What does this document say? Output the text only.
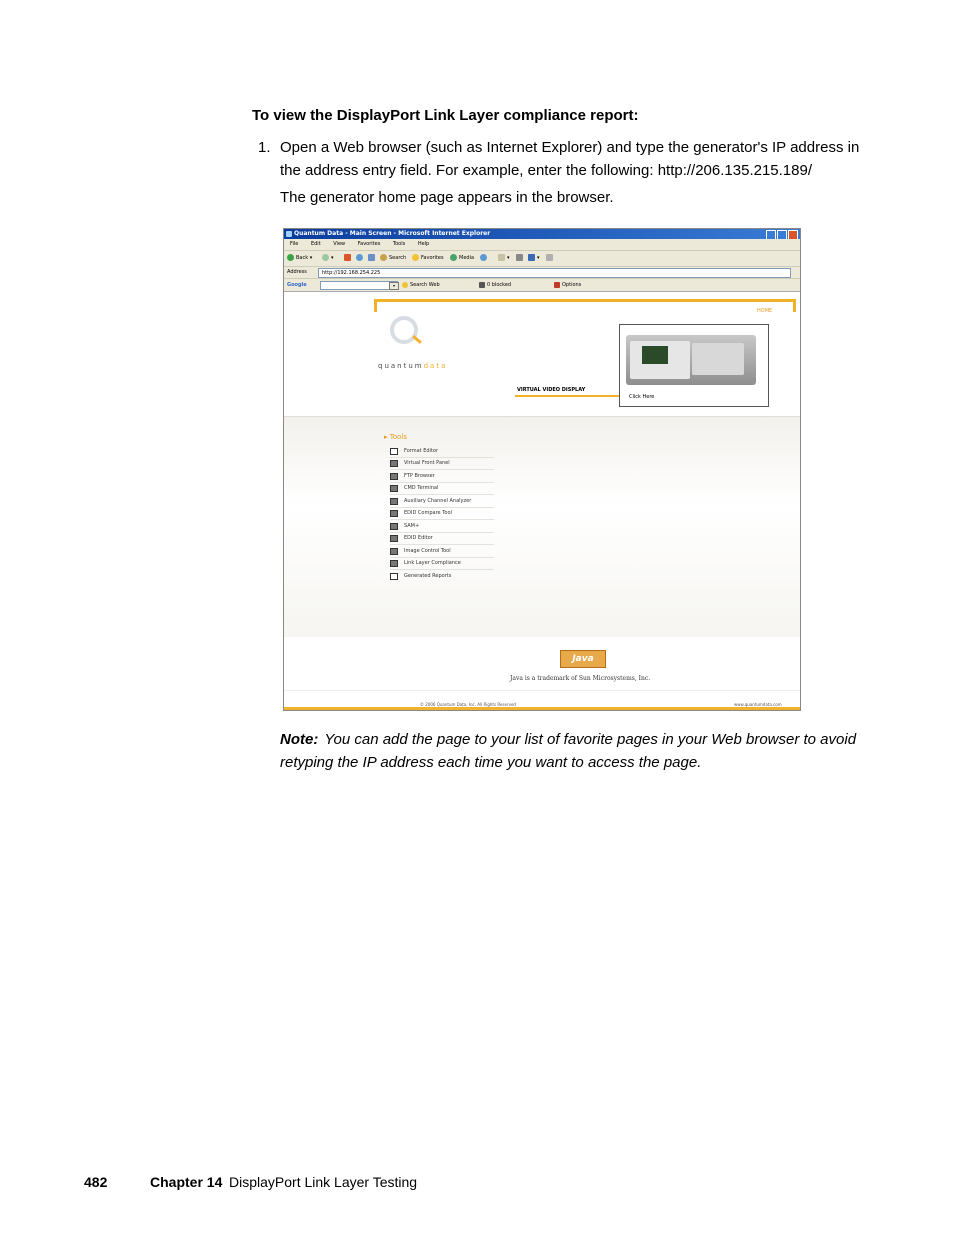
To view the DisplayPort Link Layer compliance report:
1. Open a Web browser (such as Internet Explorer) and type the generator's IP address in the address entry field. For example, enter the following: http://206.135.215.189/
The generator home page appears in the browser.
Quantum Data - Main Screen - Microsoft Internet Explorer
File	Edit	View	Favorites	Tools	Help
Back ▾	▾	Search	Favorites	Media	▾	▾
Address	http://192.168.254.225
Google	▾	Search Web	0 blocked	Options
HOME
quantumdata
VIRTUAL VIDEO DISPLAY
Click Here
▸ Tools
Format Editor
Virtual Front Panel
FTP Browser
CMD Terminal
Auxiliary Channel Analyzer
EDID Compare Tool
SAM+
EDID Editor
Image Control Tool
Link Layer Compliance
Generated Reports
Java
Java is a trademark of Sun Microsystems, Inc.
© 2006 Quantum Data, Inc. All Rights Reserved	www.quantumdata.com
Note: You can add the page to your list of favorite pages in your Web browser to avoid retyping the IP address each time you want to access the page.
482	Chapter 14 DisplayPort Link Layer Testing
